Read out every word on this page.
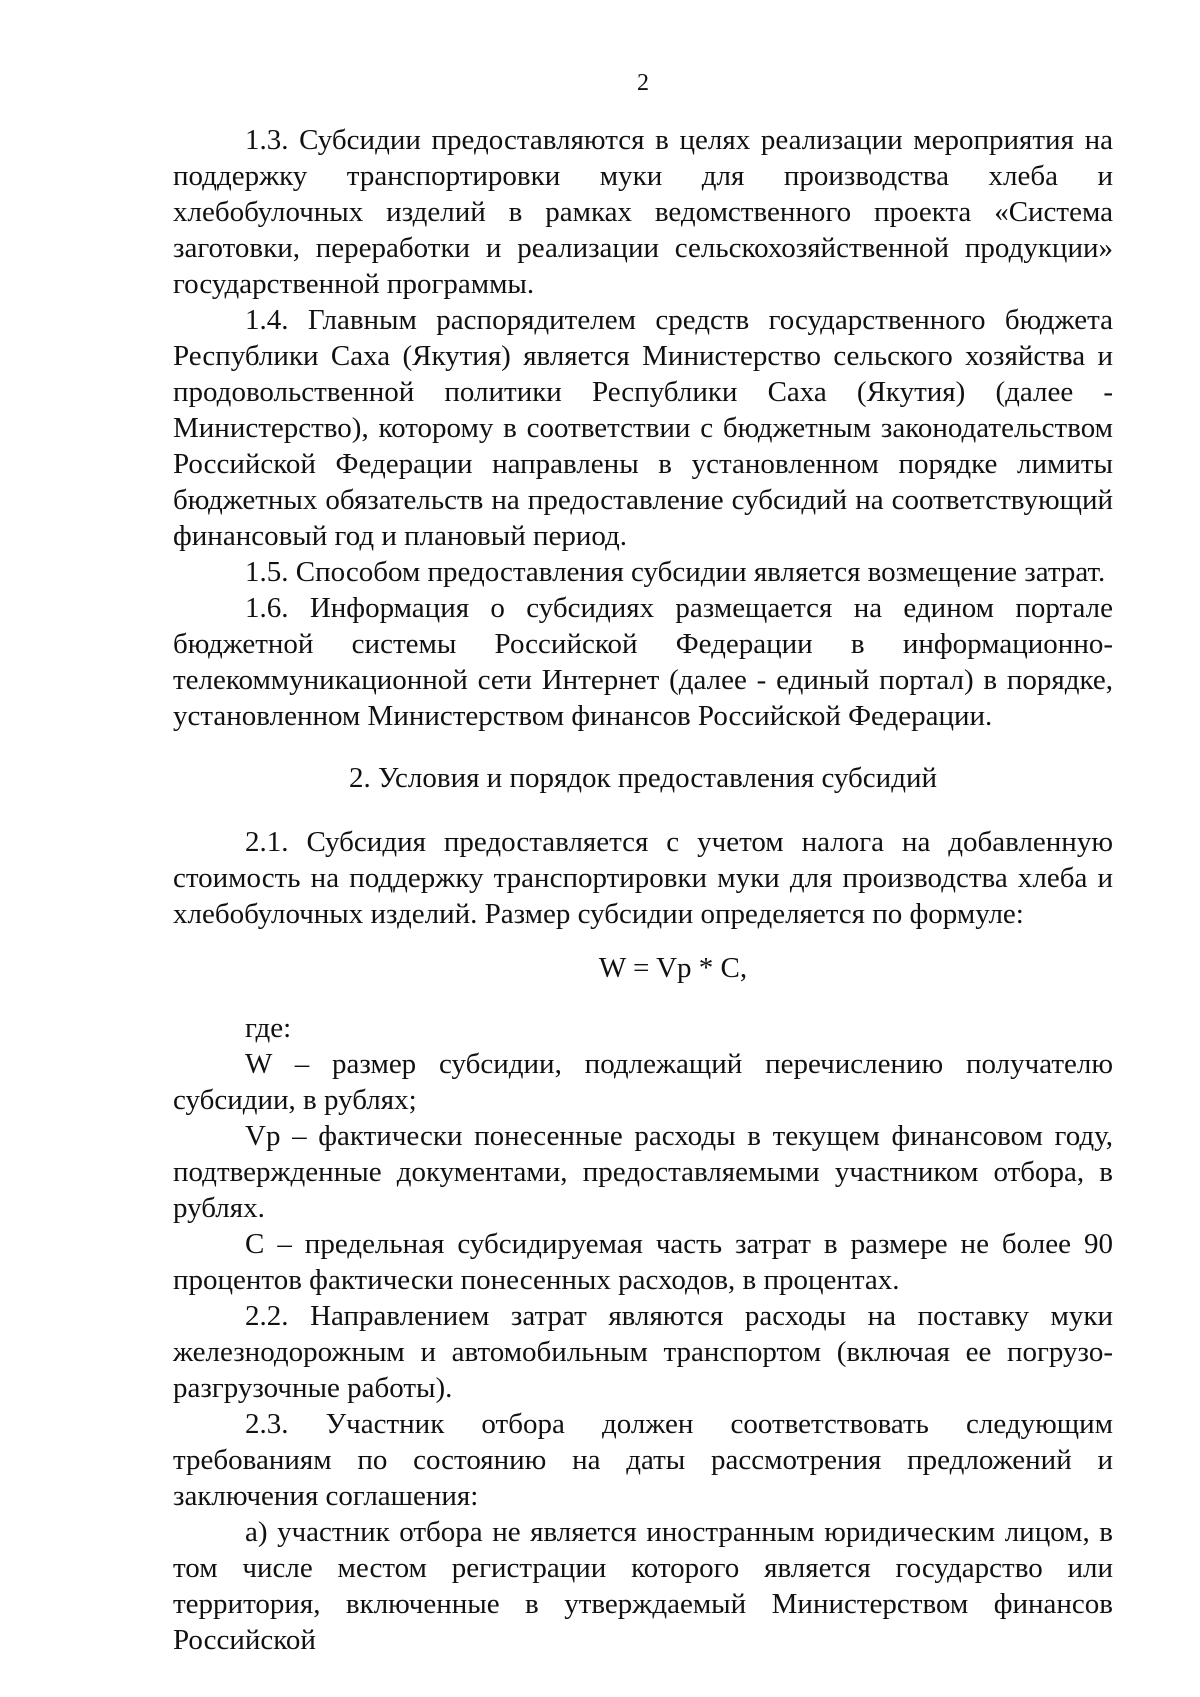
2

1.3. Субсидии предоставляются в целях реализации мероприятия на поддержку транспортировки муки для производства хлеба и хлебобулочных изделий в рамках ведомственного проекта «Система заготовки, переработки и реализации сельскохозяйственной продукции» государственной программы.

1.4. Главным распорядителем средств государственного бюджета Республики Саха (Якутия) является Министерство сельского хозяйства и продовольственной политики Республики Саха (Якутия) (далее - Министерство), которому в соответствии с бюджетным законодательством Российской Федерации направлены в установленном порядке лимиты бюджетных обязательств на предоставление субсидий на соответствующий финансовый год и плановый период.

1.5. Способом предоставления субсидии является возмещение затрат.

1.6. Информация о субсидиях размещается на едином портале бюджетной системы Российской Федерации в информационно-телекоммуникационной сети Интернет (далее - единый портал) в порядке, установленном Министерством финансов Российской Федерации.

2. Условия и порядок предоставления субсидий

2.1. Субсидия предоставляется с учетом налога на добавленную стоимость на поддержку транспортировки муки для производства хлеба и хлебобулочных изделий. Размер субсидии определяется по формуле:

W = Vp * C,

где:

W – размер субсидии, подлежащий перечислению получателю субсидии, в рублях;

Vp – фактически понесенные расходы в текущем финансовом году, подтвержденные документами, предоставляемыми участником отбора, в рублях.

С – предельная субсидируемая часть затрат в размере не более 90 процентов фактически понесенных расходов, в процентах.

2.2. Направлением затрат являются расходы на поставку муки железнодорожным и автомобильным транспортом (включая ее погрузо-разгрузочные работы).

2.3. Участник отбора должен соответствовать следующим требованиям по состоянию на даты рассмотрения предложений и заключения соглашения:

а) участник отбора не является иностранным юридическим лицом, в том числе местом регистрации которого является государство или территория, включенные в утверждаемый Министерством финансов Российской
